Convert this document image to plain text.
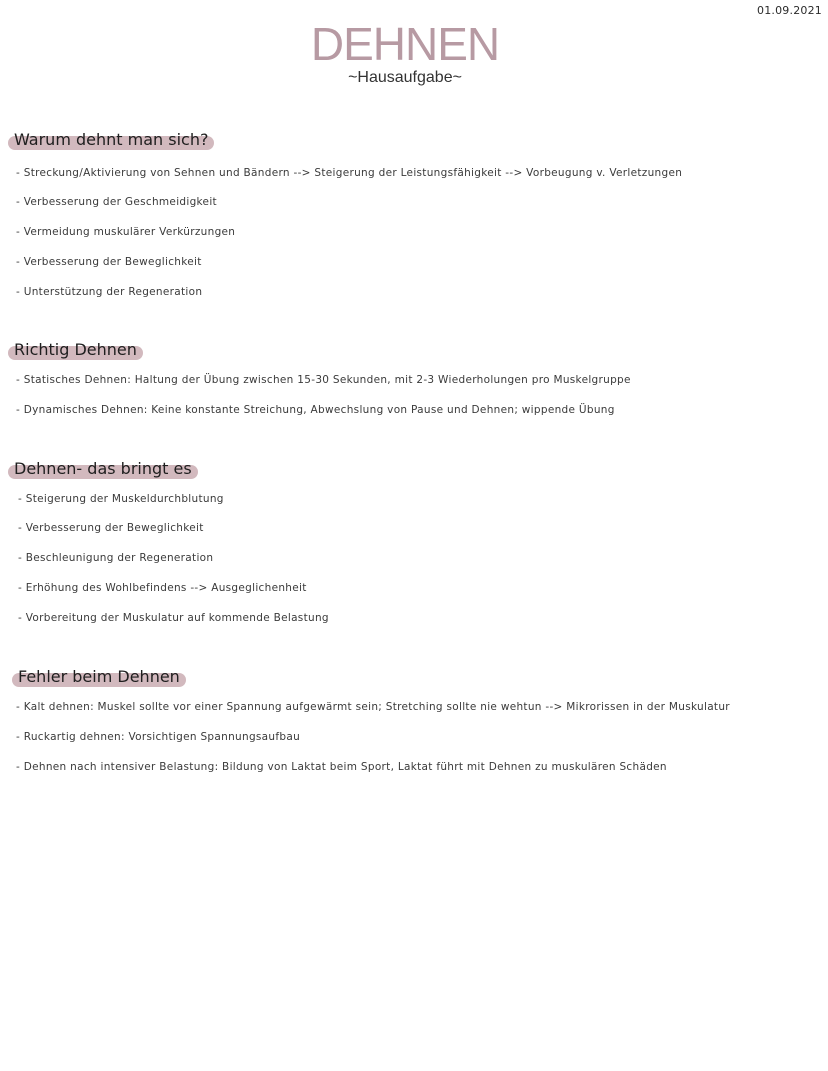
01.09.2021
DEHNEN
~Hausaufgabe~
Warum dehnt man sich?
- Streckung/Aktivierung von Sehnen und Bändern --> Steigerung der Leistungsfähigkeit --> Vorbeugung v. Verletzungen
- Verbesserung der Geschmeidigkeit
- Vermeidung muskulärer Verkürzungen
- Verbesserung der Beweglichkeit
- Unterstützung der Regeneration
Richtig Dehnen
- Statisches Dehnen: Haltung der Übung zwischen 15-30 Sekunden, mit 2-3 Wiederholungen pro Muskelgruppe
- Dynamisches Dehnen: Keine konstante Streichung, Abwechslung von Pause und Dehnen; wippende Übung
Dehnen- das bringt es
- Steigerung der Muskeldurchblutung
- Verbesserung der Beweglichkeit
- Beschleunigung der Regeneration
- Erhöhung des Wohlbefindens --> Ausgeglichenheit
- Vorbereitung der Muskulatur auf kommende Belastung
Fehler beim Dehnen
- Kalt dehnen: Muskel sollte vor einer Spannung aufgewärmt sein; Stretching sollte nie wehtun --> Mikrorissen in der Muskulatur
- Ruckartig dehnen: Vorsichtigen Spannungsaufbau
- Dehnen nach intensiver Belastung: Bildung von Laktat beim Sport, Laktat führt mit Dehnen zu muskulären Schäden
